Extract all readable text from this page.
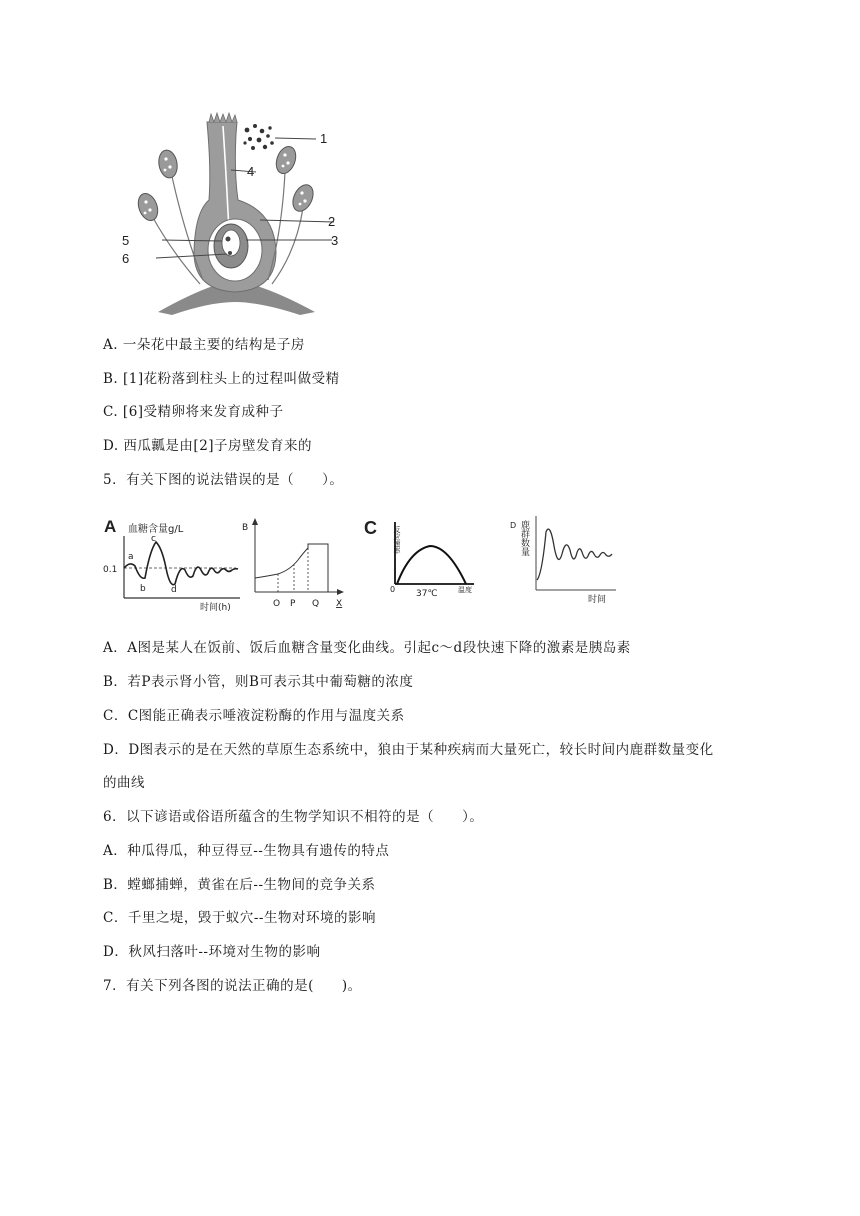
1
4
2
3
5
6
A. 一朵花中最主要的结构是子房
B. [1]花粉落到柱头上的过程叫做受精
C. [6]受精卵将来发育成种子
D. 西瓜瓤是由[2]子房壁发育来的
5．有关下图的说法错误的是（　　）。
A 血糖含量g/L
0.1
a
b
c
d
时间(h)
B
O P Q X
C 反应速率
0 37℃	温度
D 鹿群数量
时间
A．A图是某人在饭前、饭后血糖含量变化曲线。引起c～d段快速下降的激素是胰岛素
B．若P表示肾小管，则B可表示其中葡萄糖的浓度
C．C图能正确表示唾液淀粉酶的作用与温度关系
D．D图表示的是在天然的草原生态系统中，狼由于某种疾病而大量死亡，较长时间内鹿群数量变化
的曲线
6．以下谚语或俗语所蕴含的生物学知识不相符的是（　　）。
A．种瓜得瓜，种豆得豆--生物具有遗传的特点
B．螳螂捕蝉，黄雀在后--生物间的竞争关系
C．千里之堤，毁于蚁穴--生物对环境的影响
D．秋风扫落叶--环境对生物的影响
7．有关下列各图的说法正确的是(　　)。
